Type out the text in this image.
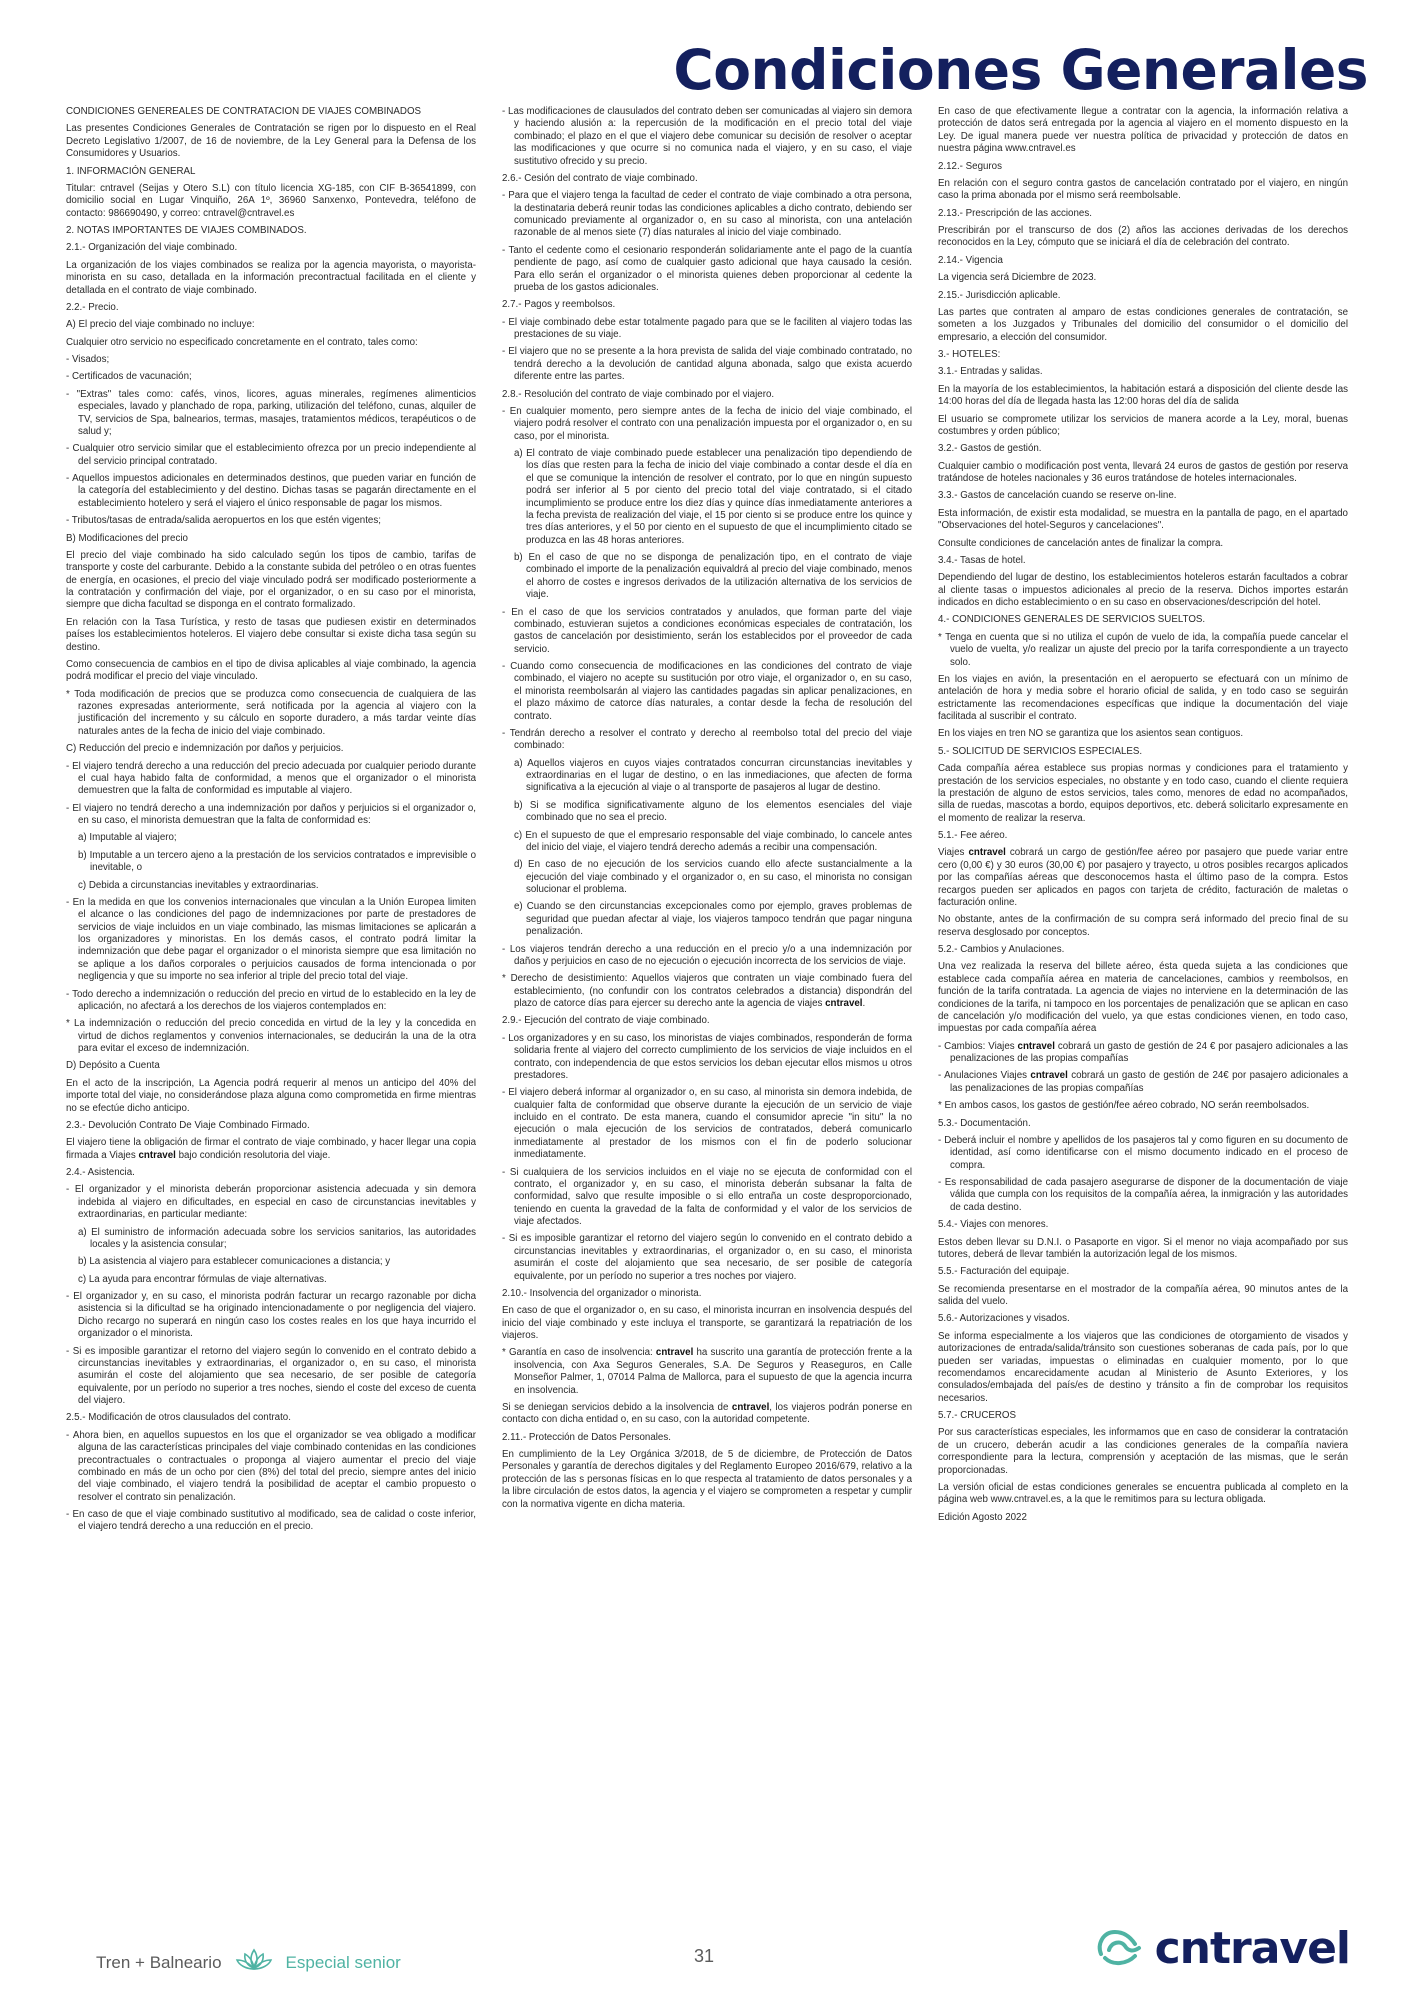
Condiciones Generales

CONDICIONES GENEREALES DE CONTRATACION DE VIAJES COMBINADOS

Las presentes Condiciones Generales de Contratación se rigen por lo dispuesto en el Real Decreto Legislativo 1/2007, de 16 de noviembre, de la Ley General para la Defensa de los Consumidores y Usuarios.

1. INFORMACIÓN GENERAL

Titular: cntravel (Seijas y Otero S.L) con título licencia XG-185, con CIF B-36541899, con domicilio social en Lugar Vinquiño, 26A 1º, 36960 Sanxenxo, Pontevedra, teléfono de contacto: 986690490, y correo: cntravel@cntravel.es

2. NOTAS IMPORTANTES DE VIAJES COMBINADOS.

2.1.- Organización del viaje combinado.

La organización de los viajes combinados se realiza por la agencia mayorista, o mayorista-minorista en su caso, detallada en la información precontractual facilitada en el cliente y detallada en el contrato de viaje combinado.

2.2.- Precio.

A) El precio del viaje combinado no incluye:

Cualquier otro servicio no especificado concretamente en el contrato, tales como:

- Visados;

- Certificados de vacunación;

- "Extras" tales como: cafés, vinos, licores, aguas minerales, regímenes alimenticios especiales, lavado y planchado de ropa, parking, utilización del teléfono, cunas, alquiler de TV, servicios de Spa, balnearios, termas, masajes, tratamientos médicos, terapéuticos o de salud y;

- Cualquier otro servicio similar que el establecimiento ofrezca por un precio independiente al del servicio principal contratado.

- Aquellos impuestos adicionales en determinados destinos, que pueden variar en función de la categoría del establecimiento y del destino. Dichas tasas se pagarán directamente en el establecimiento hotelero y será el viajero el único responsable de pagar los mismos.

- Tributos/tasas de entrada/salida aeropuertos en los que estén vigentes;

B) Modificaciones del precio

El precio del viaje combinado ha sido calculado según los tipos de cambio, tarifas de transporte y coste del carburante. Debido a la constante subida del petróleo o en otras fuentes de energía, en ocasiones, el precio del viaje vinculado podrá ser modificado posteriormente a la contratación y confirmación del viaje, por el organizador, o en su caso por el minorista, siempre que dicha facultad se disponga en el contrato formalizado.

En relación con la Tasa Turística, y resto de tasas que pudiesen existir en determinados países los establecimientos hoteleros. El viajero debe consultar si existe dicha tasa según su destino.

Como consecuencia de cambios en el tipo de divisa aplicables al viaje combinado, la agencia podrá modificar el precio del viaje vinculado.

* Toda modificación de precios que se produzca como consecuencia de cualquiera de las razones expresadas anteriormente, será notificada por la agencia al viajero con la justificación del incremento y su cálculo en soporte duradero, a más tardar veinte días naturales antes de la fecha de inicio del viaje combinado.

C) Reducción del precio e indemnización por daños y perjuicios.

- El viajero tendrá derecho a una reducción del precio adecuada por cualquier periodo durante el cual haya habido falta de conformidad, a menos que el organizador o el minorista demuestren que la falta de conformidad es imputable al viajero.

- El viajero no tendrá derecho a una indemnización por daños y perjuicios si el organizador o, en su caso, el minorista demuestran que la falta de conformidad es:

a) Imputable al viajero;

b) Imputable a un tercero ajeno a la prestación de los servicios contratados e imprevisible o inevitable, o

c) Debida a circunstancias inevitables y extraordinarias.

- En la medida en que los convenios internacionales que vinculan a la Unión Europea limiten el alcance o las condiciones del pago de indemnizaciones por parte de prestadores de servicios de viaje incluidos en un viaje combinado, las mismas limitaciones se aplicarán a los organizadores y minoristas. En los demás casos, el contrato podrá limitar la indemnización que debe pagar el organizador o el minorista siempre que esa limitación no se aplique a los daños corporales o perjuicios causados de forma intencionada o por negligencia y que su importe no sea inferior al triple del precio total del viaje.

- Todo derecho a indemnización o reducción del precio en virtud de lo establecido en la ley de aplicación, no afectará a los derechos de los viajeros contemplados en:

* La indemnización o reducción del precio concedida en virtud de la ley y la concedida en virtud de dichos reglamentos y convenios internacionales, se deducirán la una de la otra para evitar el exceso de indemnización.

D) Depósito a Cuenta

En el acto de la inscripción, La Agencia podrá requerir al menos un anticipo del 40% del importe total del viaje, no considerándose plaza alguna como comprometida en firme mientras no se efectúe dicho anticipo.

2.3.- Devolución Contrato De Viaje Combinado Firmado.

El viajero tiene la obligación de firmar el contrato de viaje combinado, y hacer llegar una copia firmada a Viajes cntravel bajo condición resolutoria del viaje.

2.4.- Asistencia.

- El organizador y el minorista deberán proporcionar asistencia adecuada y sin demora indebida al viajero en dificultades, en especial en caso de circunstancias inevitables y extraordinarias, en particular mediante:

a) El suministro de información adecuada sobre los servicios sanitarios, las autoridades locales y la asistencia consular;

b) La asistencia al viajero para establecer comunicaciones a distancia; y

c) La ayuda para encontrar fórmulas de viaje alternativas.

- El organizador y, en su caso, el minorista podrán facturar un recargo razonable por dicha asistencia si la dificultad se ha originado intencionadamente o por negligencia del viajero. Dicho recargo no superará en ningún caso los costes reales en los que haya incurrido el organizador o el minorista.

- Si es imposible garantizar el retorno del viajero según lo convenido en el contrato debido a circunstancias inevitables y extraordinarias, el organizador o, en su caso, el minorista asumirán el coste del alojamiento que sea necesario, de ser posible de categoría equivalente, por un período no superior a tres noches, siendo el coste del exceso de cuenta del viajero.

2.5.- Modificación de otros clausulados del contrato.

- Ahora bien, en aquellos supuestos en los que el organizador se vea obligado a modificar alguna de las características principales del viaje combinado contenidas en las condiciones precontractuales o contractuales o proponga al viajero aumentar el precio del viaje combinado en más de un ocho por cien (8%) del total del precio, siempre antes del inicio del viaje combinado, el viajero tendrá la posibilidad de aceptar el cambio propuesto o resolver el contrato sin penalización.

- En caso de que el viaje combinado sustitutivo al modificado, sea de calidad o coste inferior, el viajero tendrá derecho a una reducción en el precio.

- Las modificaciones de clausulados del contrato deben ser comunicadas al viajero sin demora y haciendo alusión a: la repercusión de la modificación en el precio total del viaje combinado; el plazo en el que el viajero debe comunicar su decisión de resolver o aceptar las modificaciones y que ocurre si no comunica nada el viajero, y en su caso, el viaje sustitutivo ofrecido y su precio.

2.6.- Cesión del contrato de viaje combinado.

- Para que el viajero tenga la facultad de ceder el contrato de viaje combinado a otra persona, la destinataria deberá reunir todas las condiciones aplicables a dicho contrato, debiendo ser comunicado previamente al organizador o, en su caso al minorista, con una antelación razonable de al menos siete (7) días naturales al inicio del viaje combinado.

- Tanto el cedente como el cesionario responderán solidariamente ante el pago de la cuantía pendiente de pago, así como de cualquier gasto adicional que haya causado la cesión. Para ello serán el organizador o el minorista quienes deben proporcionar al cedente la prueba de los gastos adicionales.

2.7.- Pagos y reembolsos.

- El viaje combinado debe estar totalmente pagado para que se le faciliten al viajero todas las prestaciones de su viaje.

- El viajero que no se presente a la hora prevista de salida del viaje combinado contratado, no tendrá derecho a la devolución de cantidad alguna abonada, salgo que exista acuerdo diferente entre las partes.

2.8.- Resolución del contrato de viaje combinado por el viajero.

- En cualquier momento, pero siempre antes de la fecha de inicio del viaje combinado, el viajero podrá resolver el contrato con una penalización impuesta por el organizador o, en su caso, por el minorista.

a) El contrato de viaje combinado puede establecer una penalización tipo dependiendo de los días que resten para la fecha de inicio del viaje combinado a contar desde el día en el que se comunique la intención de resolver el contrato, por lo que en ningún supuesto podrá ser inferior al 5 por ciento del precio total del viaje contratado, si el citado incumplimiento se produce entre los diez días y quince días inmediatamente anteriores a la fecha prevista de realización del viaje, el 15 por ciento si se produce entre los quince y tres días anteriores, y el 50 por ciento en el supuesto de que el incumplimiento citado se produzca en las 48 horas anteriores.

b) En el caso de que no se disponga de penalización tipo, en el contrato de viaje combinado el importe de la penalización equivaldrá al precio del viaje combinado, menos el ahorro de costes e ingresos derivados de la utilización alternativa de los servicios de viaje.

- En el caso de que los servicios contratados y anulados, que forman parte del viaje combinado, estuvieran sujetos a condiciones económicas especiales de contratación, los gastos de cancelación por desistimiento, serán los establecidos por el proveedor de cada servicio.

- Cuando como consecuencia de modificaciones en las condiciones del contrato de viaje combinado, el viajero no acepte su sustitución por otro viaje, el organizador o, en su caso, el minorista reembolsarán al viajero las cantidades pagadas sin aplicar penalizaciones, en el plazo máximo de catorce días naturales, a contar desde la fecha de resolución del contrato.

- Tendrán derecho a resolver el contrato y derecho al reembolso total del precio del viaje combinado:

a) Aquellos viajeros en cuyos viajes contratados concurran circunstancias inevitables y extraordinarias en el lugar de destino, o en las inmediaciones, que afecten de forma significativa a la ejecución al viaje o al transporte de pasajeros al lugar de destino.

b) Si se modifica significativamente alguno de los elementos esenciales del viaje combinado que no sea el precio.

c) En el supuesto de que el empresario responsable del viaje combinado, lo cancele antes del inicio del viaje, el viajero tendrá derecho además a recibir una compensación.

d) En caso de no ejecución de los servicios cuando ello afecte sustancialmente a la ejecución del viaje combinado y el organizador o, en su caso, el minorista no consigan solucionar el problema.

e) Cuando se den circunstancias excepcionales como por ejemplo, graves problemas de seguridad que puedan afectar al viaje, los viajeros tampoco tendrán que pagar ninguna penalización.

- Los viajeros tendrán derecho a una reducción en el precio y/o a una indemnización por daños y perjuicios en caso de no ejecución o ejecución incorrecta de los servicios de viaje.

* Derecho de desistimiento: Aquellos viajeros que contraten un viaje combinado fuera del establecimiento, (no confundir con los contratos celebrados a distancia) dispondrán del plazo de catorce días para ejercer su derecho ante la agencia de viajes cntravel.

2.9.- Ejecución del contrato de viaje combinado.

- Los organizadores y en su caso, los minoristas de viajes combinados, responderán de forma solidaria frente al viajero del correcto cumplimiento de los servicios de viaje incluidos en el contrato, con independencia de que estos servicios los deban ejecutar ellos mismos u otros prestadores.

- El viajero deberá informar al organizador o, en su caso, al minorista sin demora indebida, de cualquier falta de conformidad que observe durante la ejecución de un servicio de viaje incluido en el contrato. De esta manera, cuando el consumidor aprecie "in situ" la no ejecución o mala ejecución de los servicios de contratados, deberá comunicarlo inmediatamente al prestador de los mismos con el fin de poderlo solucionar inmediatamente.

- Si cualquiera de los servicios incluidos en el viaje no se ejecuta de conformidad con el contrato, el organizador y, en su caso, el minorista deberán subsanar la falta de conformidad, salvo que resulte imposible o si ello entraña un coste desproporcionado, teniendo en cuenta la gravedad de la falta de conformidad y el valor de los servicios de viaje afectados.

- Si es imposible garantizar el retorno del viajero según lo convenido en el contrato debido a circunstancias inevitables y extraordinarias, el organizador o, en su caso, el minorista asumirán el coste del alojamiento que sea necesario, de ser posible de categoría equivalente, por un período no superior a tres noches por viajero.

2.10.- Insolvencia del organizador o minorista.

En caso de que el organizador o, en su caso, el minorista incurran en insolvencia después del inicio del viaje combinado y este incluya el transporte, se garantizará la repatriación de los viajeros.

* Garantía en caso de insolvencia: cntravel ha suscrito una garantía de protección frente a la insolvencia, con Axa Seguros Generales, S.A. De Seguros y Reaseguros, en Calle Monseñor Palmer, 1, 07014 Palma de Mallorca, para el supuesto de que la agencia incurra en insolvencia.

Si se deniegan servicios debido a la insolvencia de cntravel, los viajeros podrán ponerse en contacto con dicha entidad o, en su caso, con la autoridad competente.

2.11.- Protección de Datos Personales.

En cumplimiento de la Ley Orgánica 3/2018, de 5 de diciembre, de Protección de Datos Personales y garantía de derechos digitales y del Reglamento Europeo 2016/679, relativo a la protección de las s personas físicas en lo que respecta al tratamiento de datos personales y a la libre circulación de estos datos, la agencia y el viajero se comprometen a respetar y cumplir con la normativa vigente en dicha materia.

En caso de que efectivamente llegue a contratar con la agencia, la información relativa a protección de datos será entregada por la agencia al viajero en el momento dispuesto en la Ley. De igual manera puede ver nuestra política de privacidad y protección de datos en nuestra página www.cntravel.es

2.12.- Seguros

En relación con el seguro contra gastos de cancelación contratado por el viajero, en ningún caso la prima abonada por el mismo será reembolsable.

2.13.- Prescripción de las acciones.

Prescribirán por el transcurso de dos (2) años las acciones derivadas de los derechos reconocidos en la Ley, cómputo que se iniciará el día de celebración del contrato.

2.14.- Vigencia

La vigencia será Diciembre de 2023.

2.15.- Jurisdicción aplicable.

Las partes que contraten al amparo de estas condiciones generales de contratación, se someten a los Juzgados y Tribunales del domicilio del consumidor o el domicilio del empresario, a elección del consumidor.

3.- HOTELES:

3.1.- Entradas y salidas.

En la mayoría de los establecimientos, la habitación estará a disposición del cliente desde las 14:00 horas del día de llegada hasta las 12:00 horas del día de salida

El usuario se compromete utilizar los servicios de manera acorde a la Ley, moral, buenas costumbres y orden público;

3.2.- Gastos de gestión.

Cualquier cambio o modificación post venta, llevará 24 euros de gastos de gestión por reserva tratándose de hoteles nacionales y 36 euros tratándose de hoteles internacionales.

3.3.- Gastos de cancelación cuando se reserve on-line.

Esta información, de existir esta modalidad, se muestra en la pantalla de pago, en el apartado "Observaciones del hotel-Seguros y cancelaciones".

Consulte condiciones de cancelación antes de finalizar la compra.

3.4.- Tasas de hotel.

Dependiendo del lugar de destino, los establecimientos hoteleros estarán facultados a cobrar al cliente tasas o impuestos adicionales al precio de la reserva. Dichos importes estarán indicados en dicho establecimiento o en su caso en observaciones/descripción del hotel.

4.- CONDICIONES GENERALES DE SERVICIOS SUELTOS.

* Tenga en cuenta que si no utiliza el cupón de vuelo de ida, la compañía puede cancelar el vuelo de vuelta, y/o realizar un ajuste del precio por la tarifa correspondiente a un trayecto solo.

En los viajes en avión, la presentación en el aeropuerto se efectuará con un mínimo de antelación de hora y media sobre el horario oficial de salida, y en todo caso se seguirán estrictamente las recomendaciones específicas que indique la documentación del viaje facilitada al suscribir el contrato.

En los viajes en tren NO se garantiza que los asientos sean contiguos.

5.- SOLICITUD DE SERVICIOS ESPECIALES.

Cada compañía aérea establece sus propias normas y condiciones para el tratamiento y prestación de los servicios especiales, no obstante y en todo caso, cuando el cliente requiera la prestación de alguno de estos servicios, tales como, menores de edad no acompañados, silla de ruedas, mascotas a bordo, equipos deportivos, etc. deberá solicitarlo expresamente en el momento de realizar la reserva.

5.1.- Fee aéreo.

Viajes cntravel cobrará un cargo de gestión/fee aéreo por pasajero que puede variar entre cero (0,00 €) y 30 euros (30,00 €) por pasajero y trayecto, u otros posibles recargos aplicados por las compañías aéreas que desconocemos hasta el último paso de la compra. Estos recargos pueden ser aplicados en pagos con tarjeta de crédito, facturación de maletas o facturación online.

No obstante, antes de la confirmación de su compra será informado del precio final de su reserva desglosado por conceptos.

5.2.- Cambios y Anulaciones.

Una vez realizada la reserva del billete aéreo, ésta queda sujeta a las condiciones que establece cada compañía aérea en materia de cancelaciones, cambios y reembolsos, en función de la tarifa contratada. La agencia de viajes no interviene en la determinación de las condiciones de la tarifa, ni tampoco en los porcentajes de penalización que se aplican en caso de cancelación y/o modificación del vuelo, ya que estas condiciones vienen, en todo caso, impuestas por cada compañía aérea

- Cambios: Viajes cntravel cobrará un gasto de gestión de 24 € por pasajero adicionales a las penalizaciones de las propias compañías

- Anulaciones Viajes cntravel cobrará un gasto de gestión de 24€ por pasajero adicionales a las penalizaciones de las propias compañías

* En ambos casos, los gastos de gestión/fee aéreo cobrado, NO serán reembolsados.

5.3.- Documentación.

- Deberá incluir el nombre y apellidos de los pasajeros tal y como figuren en su documento de identidad, así como identificarse con el mismo documento indicado en el proceso de compra.

- Es responsabilidad de cada pasajero asegurarse de disponer de la documentación de viaje válida que cumpla con los requisitos de la compañía aérea, la inmigración y las autoridades de cada destino.

5.4.- Viajes con menores.

Estos deben llevar su D.N.I. o Pasaporte en vigor. Si el menor no viaja acompañado por sus tutores, deberá de llevar también la autorización legal de los mismos.

5.5.- Facturación del equipaje.

Se recomienda presentarse en el mostrador de la compañía aérea, 90 minutos antes de la salida del vuelo.

5.6.- Autorizaciones y visados.

Se informa especialmente a los viajeros que las condiciones de otorgamiento de visados y autorizaciones de entrada/salida/tránsito son cuestiones soberanas de cada país, por lo que pueden ser variadas, impuestas o eliminadas en cualquier momento, por lo que recomendamos encarecidamente acudan al Ministerio de Asunto Exteriores, y los consulados/embajada del país/es de destino y tránsito a fin de comprobar los requisitos necesarios.

5.7.- CRUCEROS

Por sus características especiales, les informamos que en caso de considerar la contratación de un crucero, deberán acudir a las condiciones generales de la compañía naviera correspondiente para la lectura, comprensión y aceptación de las mismas, que le serán proporcionadas.

La versión oficial de estas condiciones generales se encuentra publicada al completo en la página web www.cntravel.es, a la que le remitimos para su lectura obligada.

Edición Agosto 2022

Tren + Balneario	Especial senior	31	cntravel
